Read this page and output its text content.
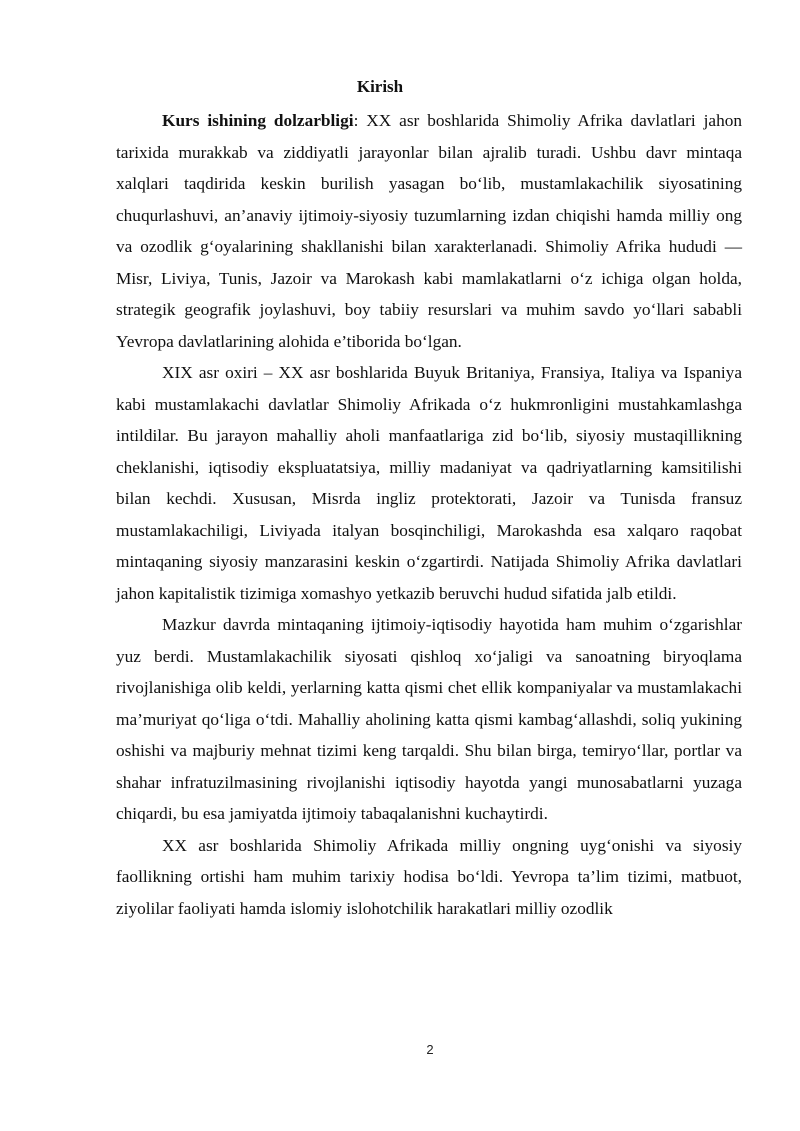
Kirish

Kurs ishining dolzarbligi: XX asr boshlarida Shimoliy Afrika davlatlari jahon tarixida murakkab va ziddiyatli jarayonlar bilan ajralib turadi. Ushbu davr mintaqa xalqlari taqdirida keskin burilish yasagan bo‘lib, mustamlakachilik siyosatining chuqurlashuvi, an’anaviy ijtimoiy-siyosiy tuzumlarning izdan chiqishi hamda milliy ong va ozodlik g‘oyalarining shakllanishi bilan xarakterlanadi. Shimoliy Afrika hududi — Misr, Liviya, Tunis, Jazoir va Marokash kabi mamlakatlarni o‘z ichiga olgan holda, strategik geografik joylashuvi, boy tabiiy resurslari va muhim savdo yo‘llari sababli Yevropa davlatlarining alohida e’tiborida bo‘lgan.

XIX asr oxiri – XX asr boshlarida Buyuk Britaniya, Fransiya, Italiya va Ispaniya kabi mustamlakachi davlatlar Shimoliy Afrikada o‘z hukmronligini mustahkamlashga intildilar. Bu jarayon mahalliy aholi manfaatlariga zid bo‘lib, siyosiy mustaqillikning cheklanishi, iqtisodiy ekspluatatsiya, milliy madaniyat va qadriyatlarning kamsitilishi bilan kechdi. Xususan, Misrda ingliz protektorati, Jazoir va Tunisda fransuz mustamlakachiligi, Liviyada italyan bosqinchiligi, Marokashda esa xalqaro raqobat mintaqaning siyosiy manzarasini keskin o‘zgartirdi. Natijada Shimoliy Afrika davlatlari jahon kapitalistik tizimiga xomashyo yetkazib beruvchi hudud sifatida jalb etildi.

Mazkur davrda mintaqaning ijtimoiy-iqtisodiy hayotida ham muhim o‘zgarishlar yuz berdi. Mustamlakachilik siyosati qishloq xo‘jaligi va sanoatning biryoqlama rivojlanishiga olib keldi, yerlarning katta qismi chet ellik kompaniyalar va mustamlakachi ma’muriyat qo‘liga o‘tdi. Mahalliy aholining katta qismi kambag‘allashdi, soliq yukining oshishi va majburiy mehnat tizimi keng tarqaldi. Shu bilan birga, temiryo‘llar, portlar va shahar infratuzilmasining rivojlanishi iqtisodiy hayotda yangi munosabatlarni yuzaga chiqardi, bu esa jamiyatda ijtimoiy tabaqalanishni kuchaytirdi.

XX asr boshlarida Shimoliy Afrikada milliy ongning uyg‘onishi va siyosiy faollikning ortishi ham muhim tarixiy hodisa bo‘ldi. Yevropa ta’lim tizimi, matbuot, ziyolilar faoliyati hamda islomiy islohotchilik harakatlari milliy ozodlik

2
